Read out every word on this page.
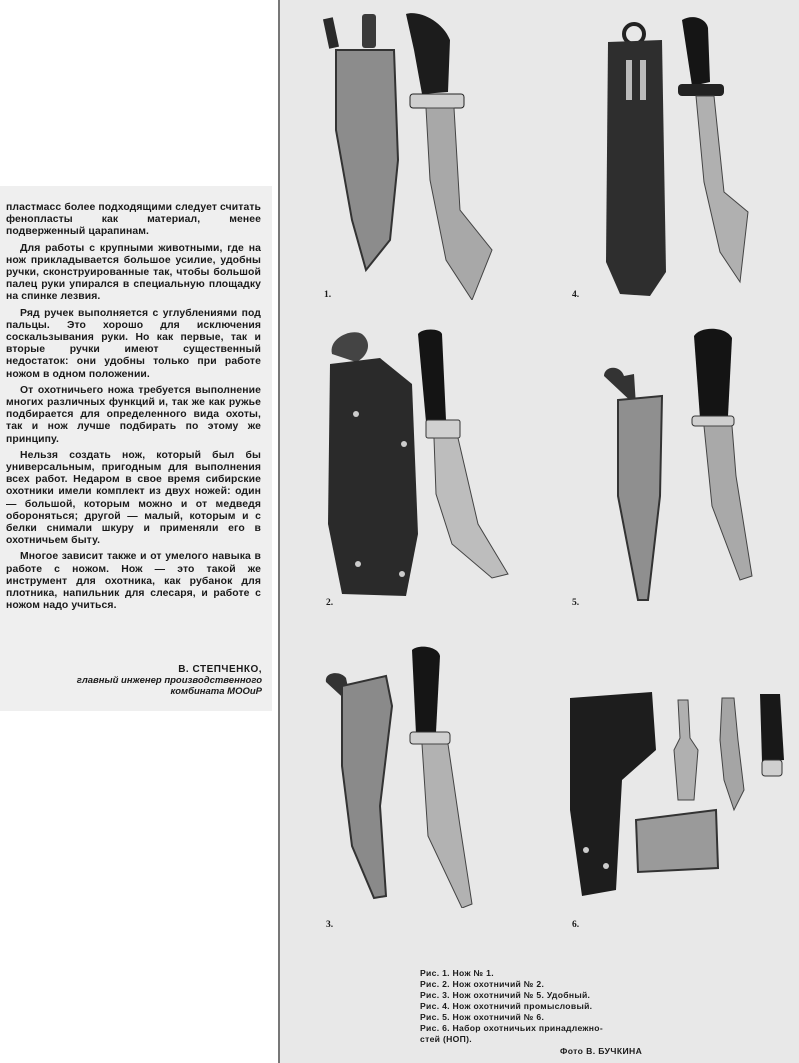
пластмасс более подходящими следует считать фенопласты как материал, менее подверженный царапинам.

Для работы с крупными животными, где на нож прикладывается большое усилие, удобны ручки, сконструированные так, чтобы большой палец руки упирался в специальную площадку на спинке лезвия.

Ряд ручек выполняется с углублениями под пальцы. Это хорошо для исключения соскальзывания руки. Но как первые, так и вторые ручки имеют существенный недостаток: они удобны только при работе ножом в одном положении.

От охотничьего ножа требуется выполнение многих различных функций и, так же как ружье подбирается для определенного вида охоты, так и нож лучше подбирать по этому же принципу.

Нельзя создать нож, который был бы универсальным, пригодным для выполнения всех работ. Недаром в свое время сибирские охотники имели комплект из двух ножей: один — большой, которым можно и от медведя обороняться; другой — малый, которым и с белки снимали шкуру и применяли его в охотничьем быту.

Многое зависит также и от умелого навыка в работе с ножом. Нож — это такой же инструмент для охотника, как рубанок для плотника, напильник для слесаря, и работе с ножом надо учиться.

В. СТЕПЧЕНКО,
главный инженер производственного
комбината МООиР
1.	4.
2.	5.
3.	6.
Рис. 1. Нож № 1.
Рис. 2. Нож охотничий № 2.
Рис. 3. Нож охотничий № 5. Удобный.
Рис. 4. Нож охотничий промысловый.
Рис. 5. Нож охотничий № 6.
Рис. 6. Набор охотничьих принадлежно-
стей (НОП).
Фото В. БУЧКИНА
